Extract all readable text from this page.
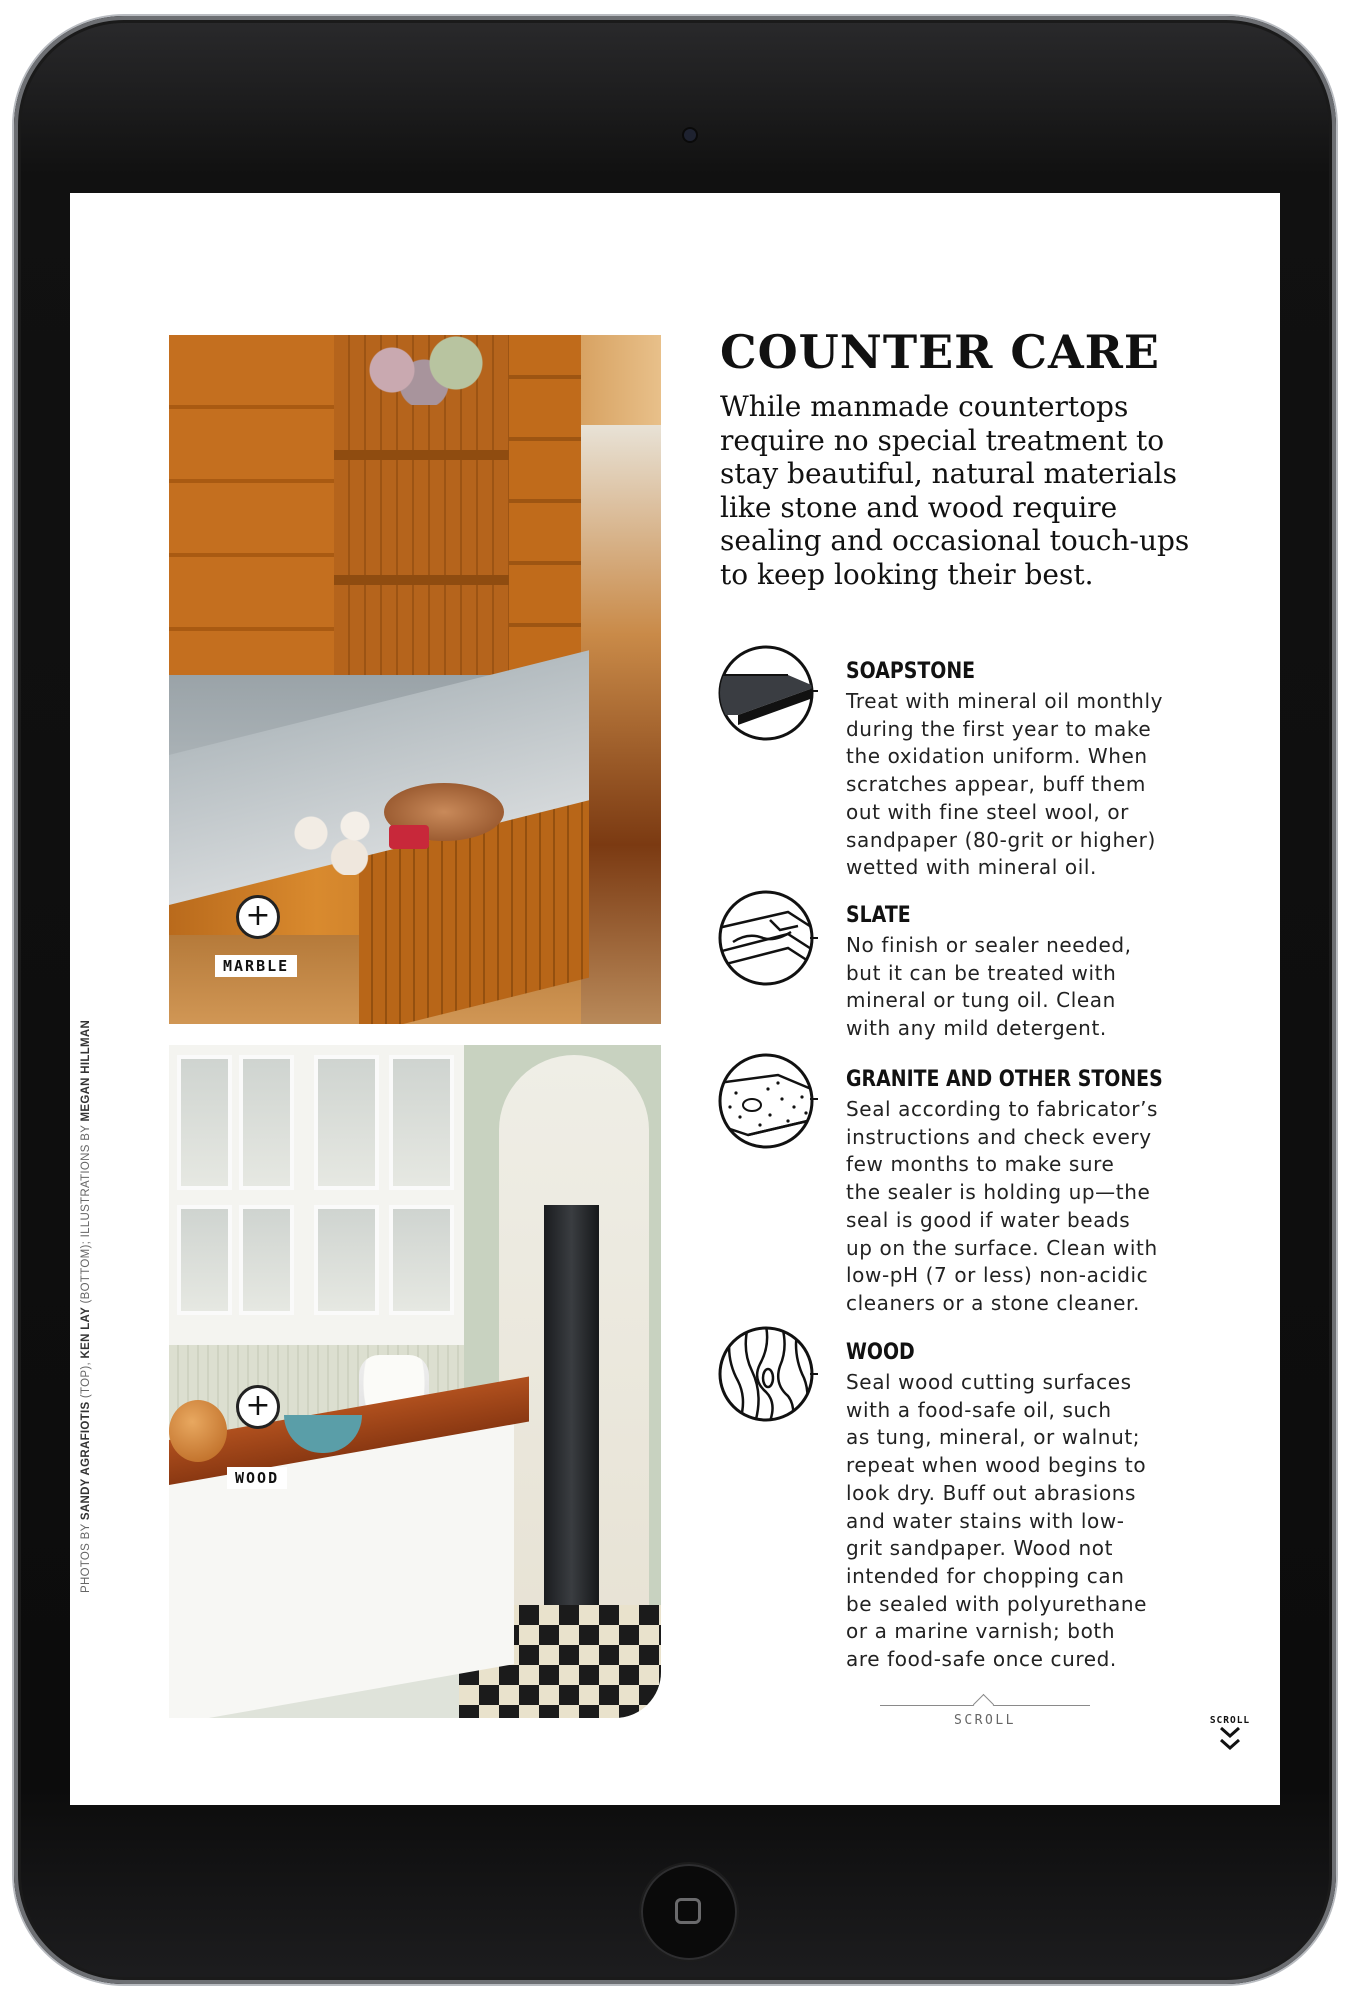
+
MARBLE
+
WOOD
PHOTOS BY SANDY AGRAFIOTIS (TOP), KEN LAY (BOTTOM); ILLUSTRATIONS BY MEGAN HILLMAN
COUNTER CARE

While manmade countertops require no special treatment to stay beautiful, natural materials like stone and wood require sealing and occasional touch-ups to keep looking their best.

SOAPSTONE

Treat with mineral oil monthly
during the first year to make
the oxidation uniform. When
scratches appear, buff them
out with fine steel wool, or
sandpaper (80-grit or higher)
wetted with mineral oil.

SLATE

No finish or sealer needed,
but it can be treated with
mineral or tung oil. Clean
with any mild detergent.

GRANITE AND OTHER STONES

Seal according to fabricator’s
instructions and check every
few months to make sure
the sealer is holding up—the
seal is good if water beads
up on the surface. Clean with
low-pH (7 or less) non-acidic
cleaners or a stone cleaner.

WOOD

Seal wood cutting surfaces
with a food-safe oil, such
as tung, mineral, or walnut;
repeat when wood begins to
look dry. Buff out abrasions
and water stains with low-
grit sandpaper. Wood not
intended for chopping can
be sealed with polyurethane
or a marine varnish; both
are food-safe once cured.

SCROLL	SCROLL
